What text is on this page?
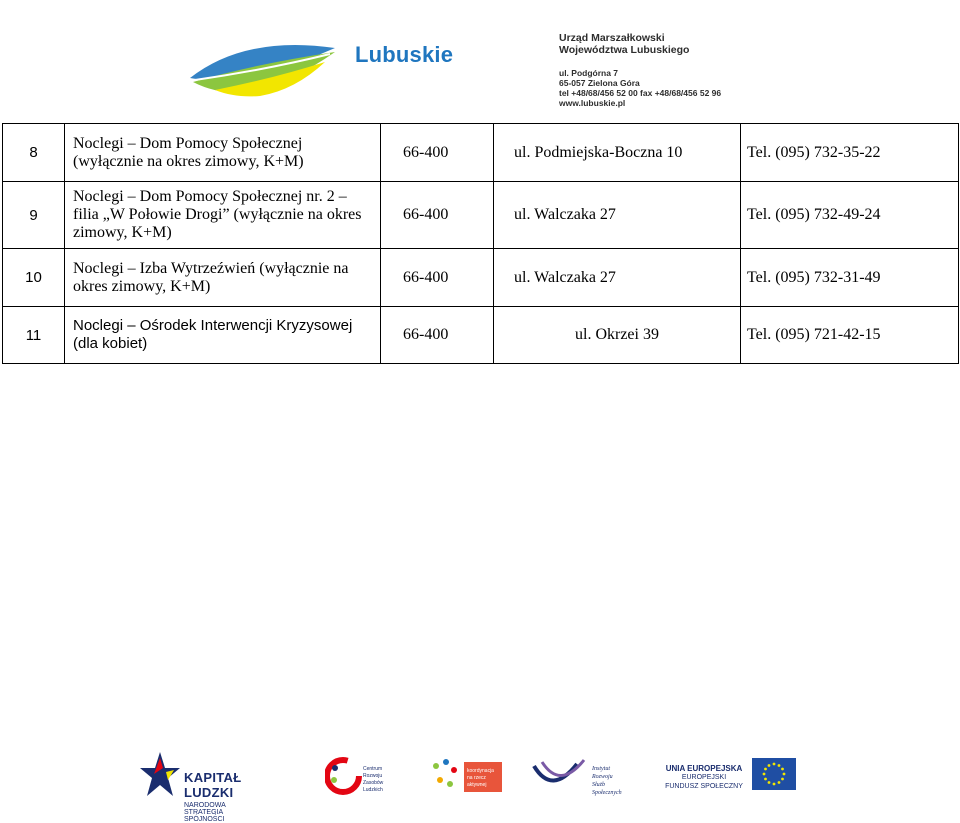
Lubuskie
Urząd Marszałkowski
Województwa Lubuskiego
ul. Podgórna 7
65-057 Zielona Góra
tel +48/68/456 52 00 fax +48/68/456 52 96
www.lubuskie.pl
8	Noclegi – Dom Pomocy Społecznej (wyłącznie na okres zimowy, K+M)	66-400	ul. Podmiejska-Boczna 10	Tel. (095) 732-35-22
9	Noclegi – Dom Pomocy Społecznej nr. 2 – filia „W Połowie Drogi” (wyłącznie na okres zimowy, K+M)	66-400	ul. Walczaka 27	Tel. (095) 732-49-24
10	Noclegi – Izba Wytrzeźwień (wyłącznie na okres zimowy, K+M)	66-400	ul. Walczaka 27	Tel. (095) 732-31-49
11	Noclegi – Ośrodek Interwencji Kryzysowej (dla kobiet)	66-400	ul. Okrzei 39	Tel. (095) 721-42-15
KAPITAŁ LUDZKI
NARODOWA STRATEGIA SPÓJNOŚCI
Centrum
Rozwoju
Zasobów
Ludzkich
koordynacja
na rzecz
aktywnej
Instytut
Rozwoju
Służb
Społecznych
UNIA EUROPEJSKA
EUROPEJSKI
FUNDUSZ SPOŁECZNY
